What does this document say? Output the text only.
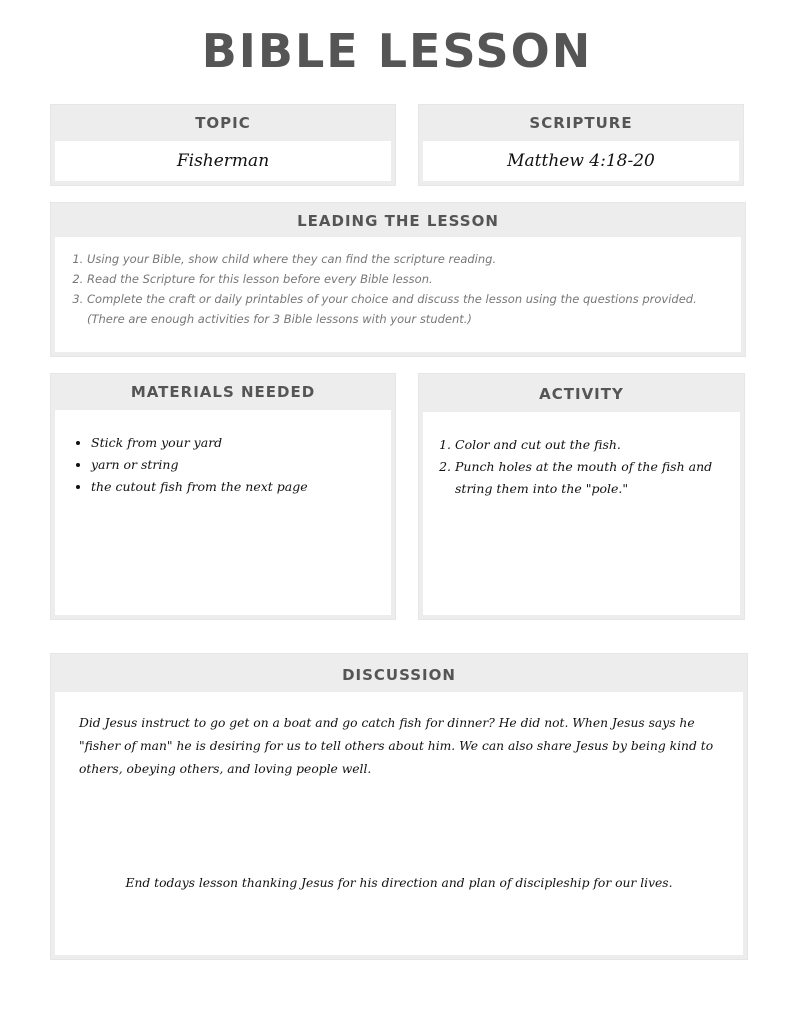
BIBLE LESSON
TOPIC
Fisherman
SCRIPTURE
Matthew 4:18-20
LEADING THE LESSON
1. Using your Bible, show child where they can find the scripture reading.
2. Read the Scripture for this lesson before every Bible lesson.
3. Complete the craft or daily printables of your choice and discuss the lesson using the questions provided. (There are enough activities for 3 Bible lessons with your student.)
MATERIALS NEEDED
• Stick from your yard
• yarn or string
• the cutout fish from the next page
ACTIVITY
1. Color and cut out the fish.
2. Punch holes at the mouth of the fish and string them into the "pole."
DISCUSSION
Did Jesus instruct to go get on a boat and go catch fish for dinner? He did not. When Jesus says he "fisher of man" he is desiring for us to tell others about him. We can also share Jesus by being kind to others, obeying others, and loving people well.
End todays lesson thanking Jesus for his direction and plan of discipleship for our lives.
